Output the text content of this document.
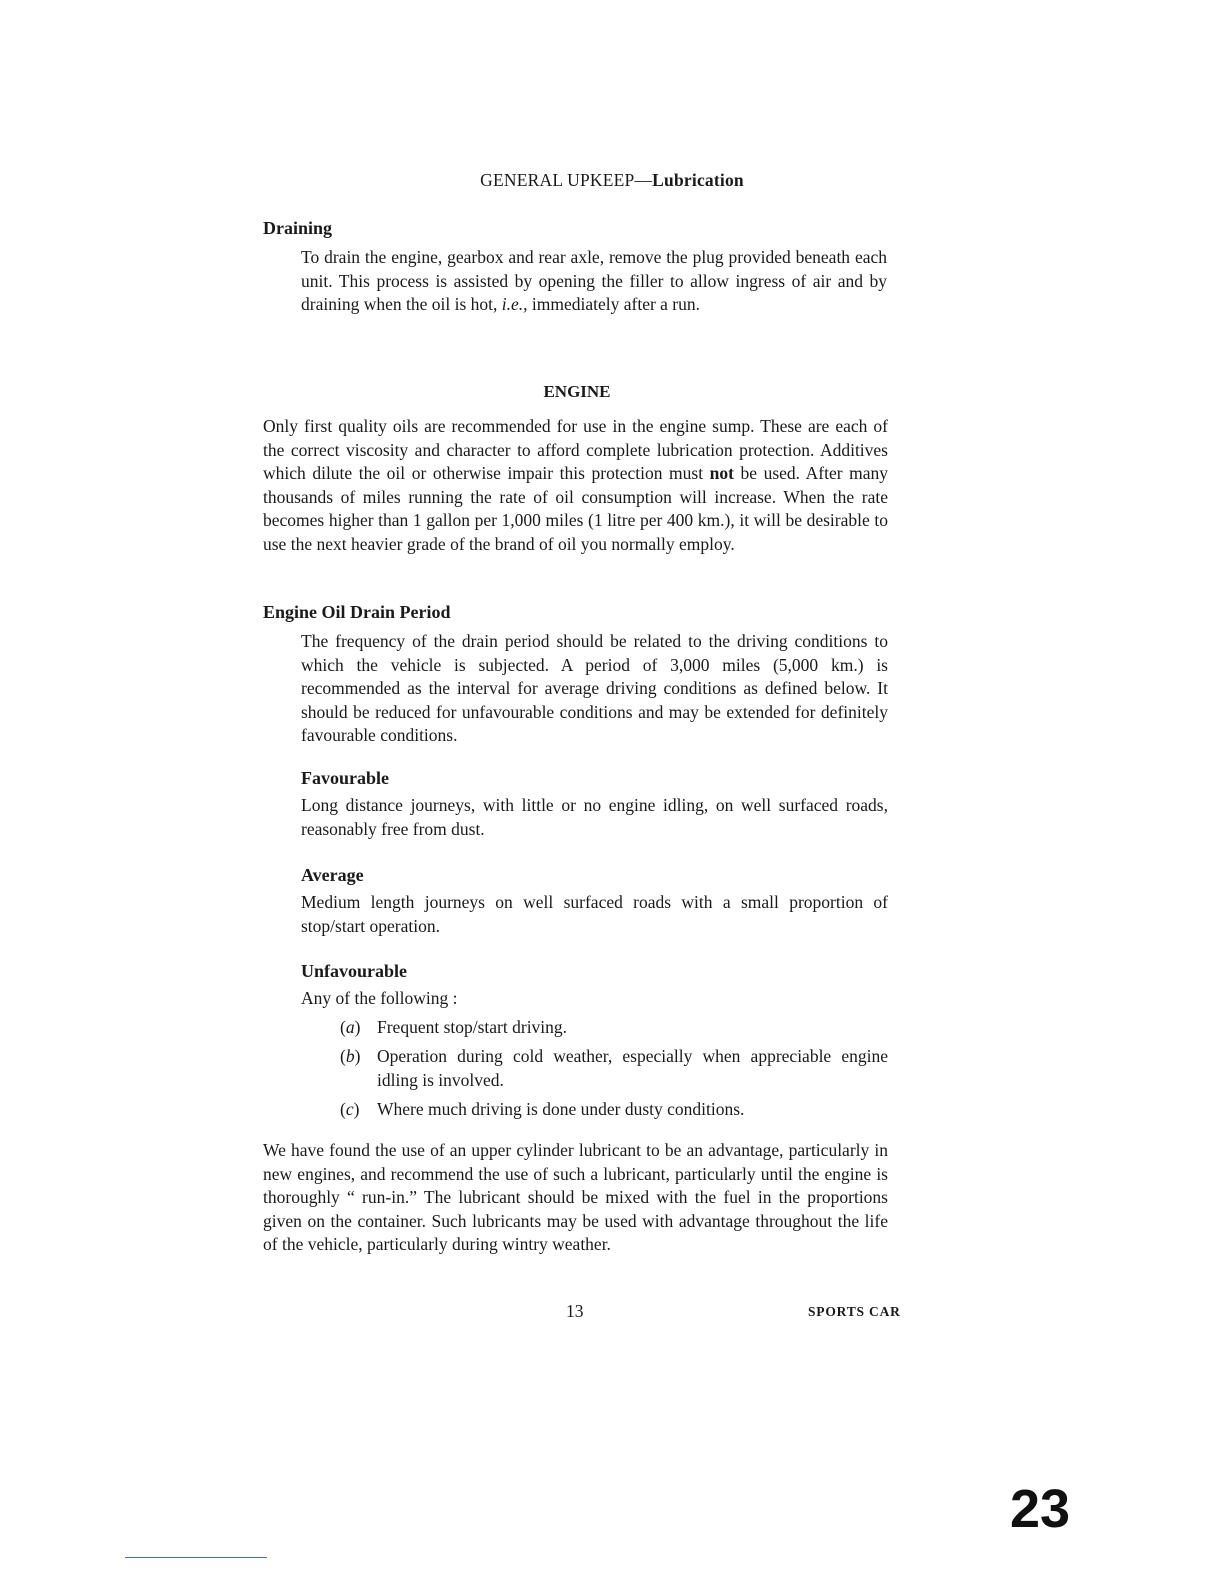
GENERAL UPKEEP—Lubrication
Draining

To drain the engine, gearbox and rear axle, remove the plug provided beneath each unit. This process is assisted by opening the filler to allow ingress of air and by draining when the oil is hot, i.e., immediately after a run.

ENGINE

Only first quality oils are recommended for use in the engine sump. These are each of the correct viscosity and character to afford complete lubrication protection. Additives which dilute the oil or otherwise impair this protection must not be used. After many thousands of miles running the rate of oil consumption will increase. When the rate becomes higher than 1 gallon per 1,000 miles (1 litre per 400 km.), it will be desirable to use the next heavier grade of the brand of oil you normally employ.

Engine Oil Drain Period

The frequency of the drain period should be related to the driving conditions to which the vehicle is subjected. A period of 3,000 miles (5,000 km.) is recommended as the interval for average driving conditions as defined below. It should be reduced for unfavourable conditions and may be extended for definitely favourable conditions.

Favourable

Long distance journeys, with little or no engine idling, on well surfaced roads, reasonably free from dust.

Average

Medium length journeys on well surfaced roads with a small proportion of stop/start operation.

Unfavourable

Any of the following :

(a) Frequent stop/start driving.
(b) Operation during cold weather, especially when appreciable engine idling is involved.
(c) Where much driving is done under dusty conditions.

We have found the use of an upper cylinder lubricant to be an advantage, particularly in new engines, and recommend the use of such a lubricant, particularly until the engine is thoroughly “ run-in.” The lubricant should be mixed with the fuel in the proportions given on the container. Such lubricants may be used with advantage throughout the life of the vehicle, particularly during wintry weather.

13	SPORTS CAR
23
